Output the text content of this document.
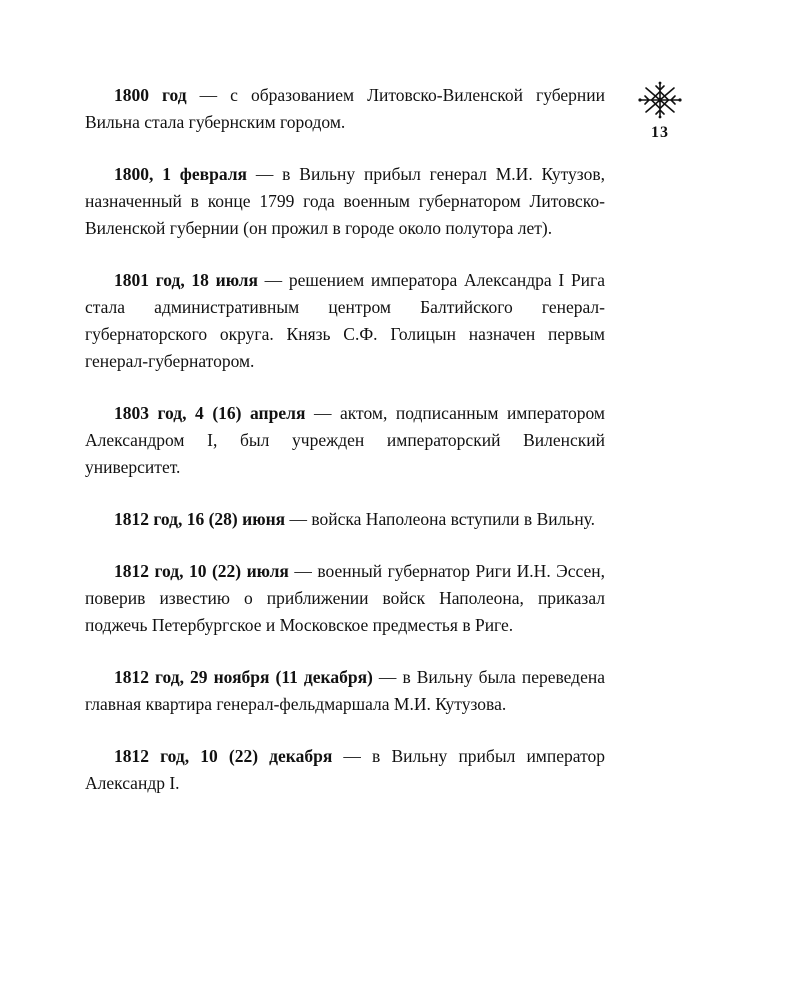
1800 год — с образованием Литовско-Виленской губернии Вильна стала губернским городом.

1800, 1 февраля — в Вильну прибыл генерал М.И. Кутузов, назначенный в конце 1799 года военным губернатором Литовско-Виленской губернии (он прожил в городе около полутора лет).

1801 год, 18 июля — решением императора Александра I Рига стала административным центром Балтийского генерал-губернаторского округа. Князь С.Ф. Голицын назначен первым генерал-губернатором.

1803 год, 4 (16) апреля — актом, подписанным императором Александром I, был учрежден императорский Виленский университет.

1812 год, 16 (28) июня — войска Наполеона вступили в Вильну.

1812 год, 10 (22) июля — военный губернатор Риги И.Н. Эссен, поверив известию о приближении войск Наполеона, приказал поджечь Петербургское и Московское предместья в Риге.

1812 год, 29 ноября (11 декабря) — в Вильну была переведена главная квартира генерал-фельдмаршала М.И. Кутузова.

1812 год, 10 (22) декабря — в Вильну прибыл император Александр I.

13
